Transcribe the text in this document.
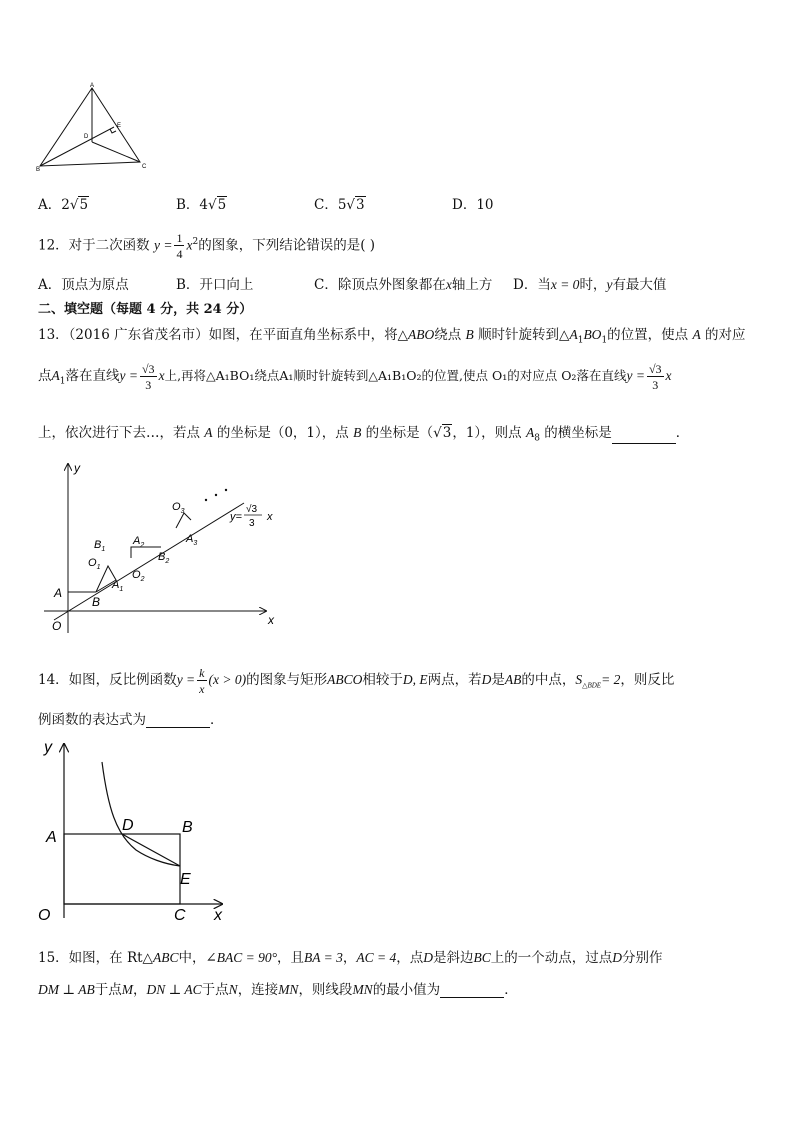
A
B	C
D
E
A．2√5	B．4√5	C．5√3	D．10
12．对于二次函数 $y = \frac{1}{4} x^2$的图象，下列结论错误的是( )
A．顶点为原点	B．开口向上	C．除顶点外图象都在x轴上方 D．当x = 0时，y有最大值
二、填空题（每题 4 分，共 24 分）
13．（2016 广东省茂名市）如图，在平面直角坐标系中，将△ABO绕点 B 顺时针旋转到$\triangle A_1BO_1$的位置，使点 A 的对应
点$A_1$落在直线$y = \frac{√3}{3}$ x上,再将△A₁BO₁绕点A₁顺时针旋转到△A₁B₁O₂的位置,使点 O₁的对应点 O₂落在直线$y = \frac{√3}{3}$ x
上，依次进行下去…，若点 A 的坐标是（0，1），点 B 的坐标是（√3，1），则点 $A_8$ 的横坐标是	．
y
x
O
A
B
$B_1$
$O_1$
$A_1$
$A_2$
$O_2$
$B_2$
$O_3$
$A_3$
y=
√3
3
x
14．如图，反比例函数$y = \frac{k}{x} (x > 0)$的图象与矩形ABCO相较于D, E两点，若D是AB的中点，$S_{\triangle BDE}= 2$，则反比
例函数的表达式为	．
y
x
A
B
C
D
E
O
15．如图，在 Rt△ABC中，∠BAC = 90°，且BA = 3，AC = 4，点D是斜边BC上的一个动点，过点D分别作
DM ⊥ AB于点M，DN ⊥ AC于点N，连接MN，则线段MN的最小值为	．
